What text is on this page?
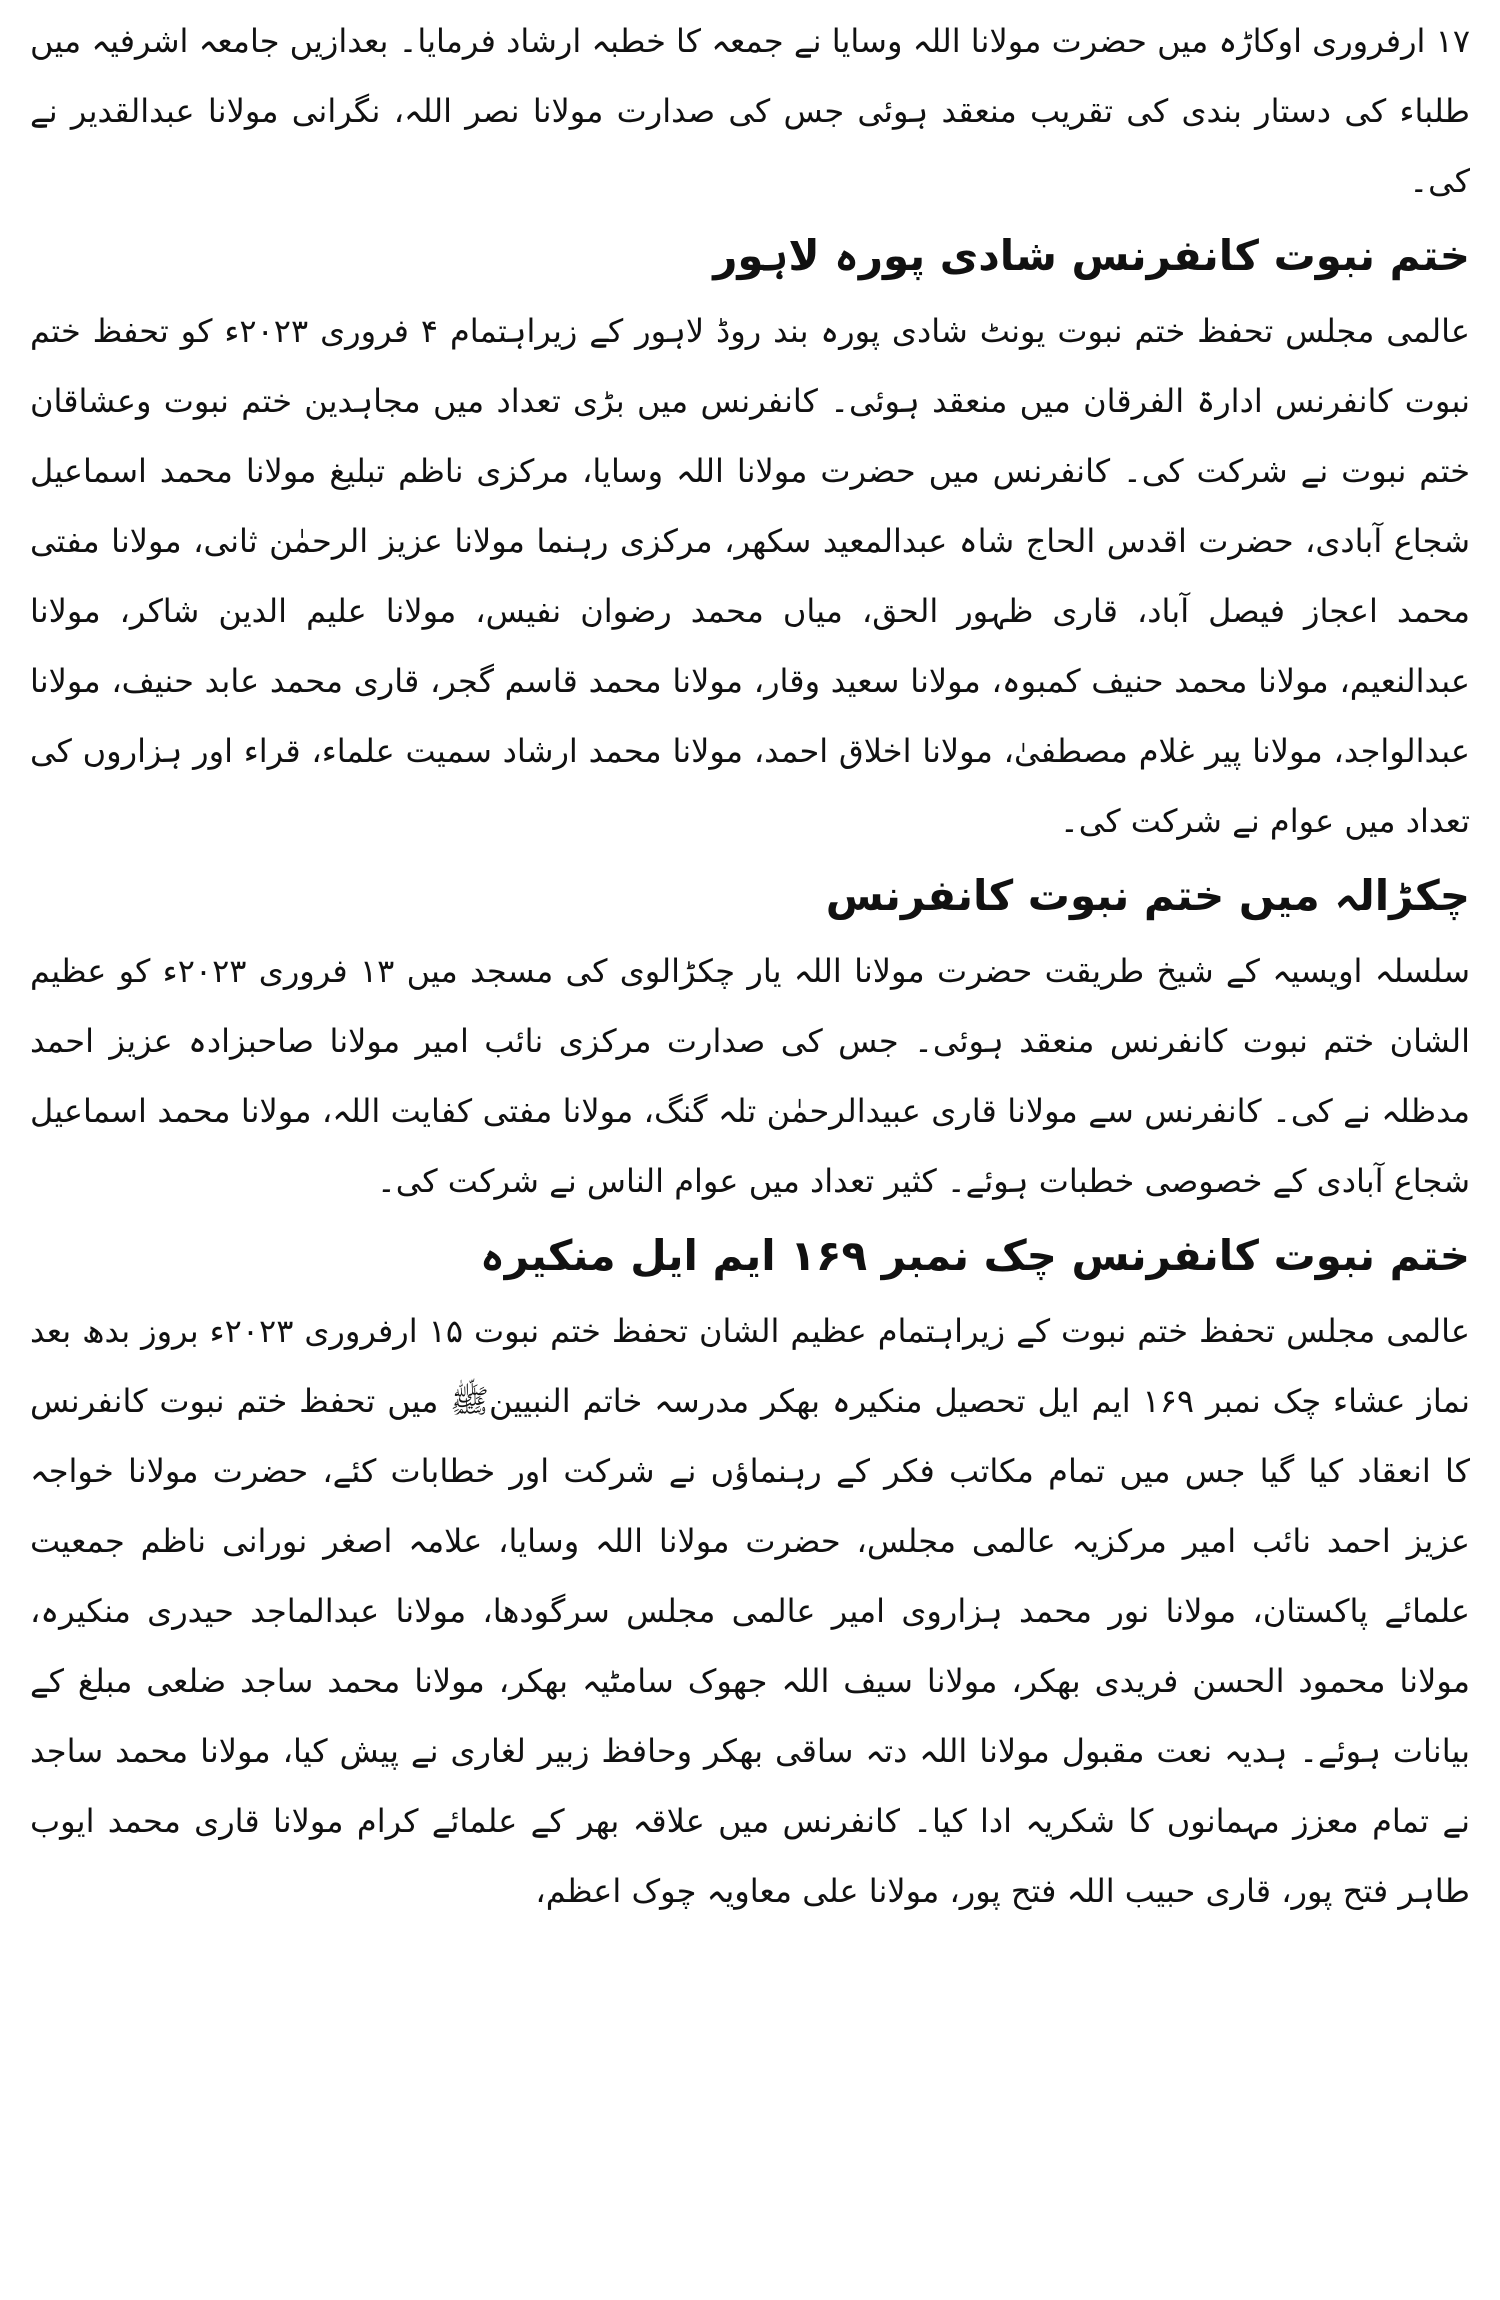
۱۷ ارفروری اوکاڑہ میں حضرت مولانا اللہ وسایا نے جمعہ کا خطبہ ارشاد فرمایا۔ بعدازیں جامعہ اشرفیہ میں طلباء کی دستار بندی کی تقریب منعقد ہوئی جس کی صدارت مولانا نصر اللہ، نگرانی مولانا عبدالقدیر نے کی۔

ختم نبوت کانفرنس شادی پورہ لاہور

عالمی مجلس تحفظ ختم نبوت یونٹ شادی پورہ بند روڈ لاہور کے زیراہتمام ۴ فروری ۲۰۲۳ء کو تحفظ ختم نبوت کانفرنس ادارۃ الفرقان میں منعقد ہوئی۔ کانفرنس میں بڑی تعداد میں مجاہدین ختم نبوت وعشاقان ختم نبوت نے شرکت کی۔ کانفرنس میں حضرت مولانا اللہ وسایا، مرکزی ناظم تبلیغ مولانا محمد اسماعیل شجاع آبادی، حضرت اقدس الحاج شاہ عبدالمعید سکھر، مرکزی رہنما مولانا عزیز الرحمٰن ثانی، مولانا مفتی محمد اعجاز فیصل آباد، قاری ظہور الحق، میاں محمد رضوان نفیس، مولانا علیم الدین شاکر، مولانا عبدالنعیم، مولانا محمد حنیف کمبوہ، مولانا سعید وقار، مولانا محمد قاسم گجر، قاری محمد عابد حنیف، مولانا عبدالواجد، مولانا پیر غلام مصطفیٰ، مولانا اخلاق احمد، مولانا محمد ارشاد سمیت علماء، قراء اور ہزاروں کی تعداد میں عوام نے شرکت کی۔

چکڑالہ میں ختم نبوت کانفرنس

سلسلہ اویسیہ کے شیخ طریقت حضرت مولانا اللہ یار چکڑالوی کی مسجد میں ۱۳ فروری ۲۰۲۳ء کو عظیم الشان ختم نبوت کانفرنس منعقد ہوئی۔ جس کی صدارت مرکزی نائب امیر مولانا صاحبزادہ عزیز احمد مدظلہ نے کی۔ کانفرنس سے مولانا قاری عبیدالرحمٰن تلہ گنگ، مولانا مفتی کفایت اللہ، مولانا محمد اسماعیل شجاع آبادی کے خصوصی خطبات ہوئے۔ کثیر تعداد میں عوام الناس نے شرکت کی۔

ختم نبوت کانفرنس چک نمبر ۱۶۹ ایم ایل منکیرہ

عالمی مجلس تحفظ ختم نبوت کے زیراہتمام عظیم الشان تحفظ ختم نبوت ۱۵ ارفروری ۲۰۲۳ء بروز بدھ بعد نماز عشاء چک نمبر ۱۶۹ ایم ایل تحصیل منکیرہ بھکر مدرسہ خاتم النبیینﷺ میں تحفظ ختم نبوت کانفرنس کا انعقاد کیا گیا جس میں تمام مکاتب فکر کے رہنماؤں نے شرکت اور خطابات کئے، حضرت مولانا خواجہ عزیز احمد نائب امیر مرکزیہ عالمی مجلس، حضرت مولانا اللہ وسایا، علامہ اصغر نورانی ناظم جمعیت علمائے پاکستان، مولانا نور محمد ہزاروی امیر عالمی مجلس سرگودھا، مولانا عبدالماجد حیدری منکیرہ، مولانا محمود الحسن فریدی بھکر، مولانا سیف اللہ جھوک سامٹیہ بھکر، مولانا محمد ساجد ضلعی مبلغ کے بیانات ہوئے۔ ہدیہ نعت مقبول مولانا اللہ دتہ ساقی بھکر وحافظ زبیر لغاری نے پیش کیا، مولانا محمد ساجد نے تمام معزز مہمانوں کا شکریہ ادا کیا۔ کانفرنس میں علاقہ بھر کے علمائے کرام مولانا قاری محمد ایوب طاہر فتح پور، قاری حبیب اللہ فتح پور، مولانا علی معاویہ چوک اعظم،
